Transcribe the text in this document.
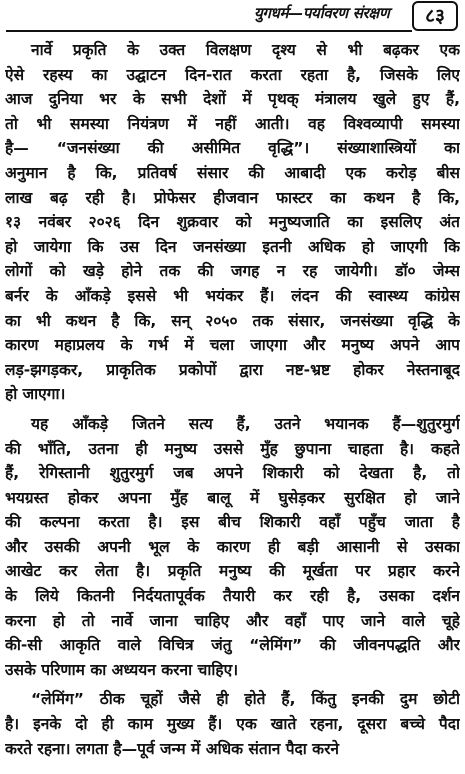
युगधर्म—पर्यावरण संरक्षण	८३
नार्वे प्रकृति के उक्त विलक्षण दृश्य से भी बढ़कर एक
ऐसे रहस्य का उद्घाटन दिन-रात करता रहता है, जिसके लिए
आज दुनिया भर के सभी देशों में पृथक् मंत्रालय खुले हुए हैं,
तो भी समस्या नियंत्रण में नहीं आती। वह विश्वव्यापी समस्या
है— “जनसंख्या की असीमित वृद्धि”। संख्याशास्त्रियों का
अनुमान है कि, प्रतिवर्ष संसार की आबादी एक करोड़ बीस
लाख बढ़ रही है। प्रोफेसर हीजवान फास्टर का कथन है कि,
१३ नवंबर २०२६ दिन शुक्रवार को मनुष्यजाति का इसलिए अंत
हो जायेगा कि उस दिन जनसंख्या इतनी अधिक हो जाएगी कि
लोगों को खड़े होने तक की जगह न रह जायेगी। डॉ० जेम्स
बर्नर के आँकड़े इससे भी भयंकर हैं। लंदन की स्वास्थ्य कांग्रेस
का भी कथन है कि, सन् २०५० तक संसार, जनसंख्या वृद्धि के
कारण महाप्रलय के गर्भ में चला जाएगा और मनुष्य अपने आप
लड़-झगड़कर, प्राकृतिक प्रकोपों द्वारा नष्ट-भ्रष्ट होकर नेस्तनाबूद
हो जाएगा।
यह आँकड़े जितने सत्य हैं, उतने भयानक हैं—शुतुरमुर्ग
की भाँति, उतना ही मनुष्य उससे मुँह छुपाना चाहता है। कहते
हैं, रेगिस्तानी शुतुरमुर्ग जब अपने शिकारी को देखता है, तो
भयग्रस्त होकर अपना मुँह बालू में घुसेड़कर सुरक्षित हो जाने
की कल्पना करता है। इस बीच शिकारी वहाँ पहुँच जाता है
और उसकी अपनी भूल के कारण ही बड़ी आसानी से उसका
आखेट कर लेता है। प्रकृति मनुष्य की मूर्खता पर प्रहार करने
के लिये कितनी निर्दयतापूर्वक तैयारी कर रही है, उसका दर्शन
करना हो तो नार्वे जाना चाहिए और वहाँ पाए जाने वाले चूहे
की-सी आकृति वाले विचित्र जंतु “लेमिंग” की जीवनपद्धति और
उसके परिणाम का अध्ययन करना चाहिए।
“लेमिंग” ठीक चूहों जैसे ही होते हैं, किंतु इनकी दुम छोटी
है। इनके दो ही काम मुख्य हैं। एक खाते रहना, दूसरा बच्चे पैदा
करते रहना। लगता है—पूर्व जन्म में अधिक संतान पैदा करने
